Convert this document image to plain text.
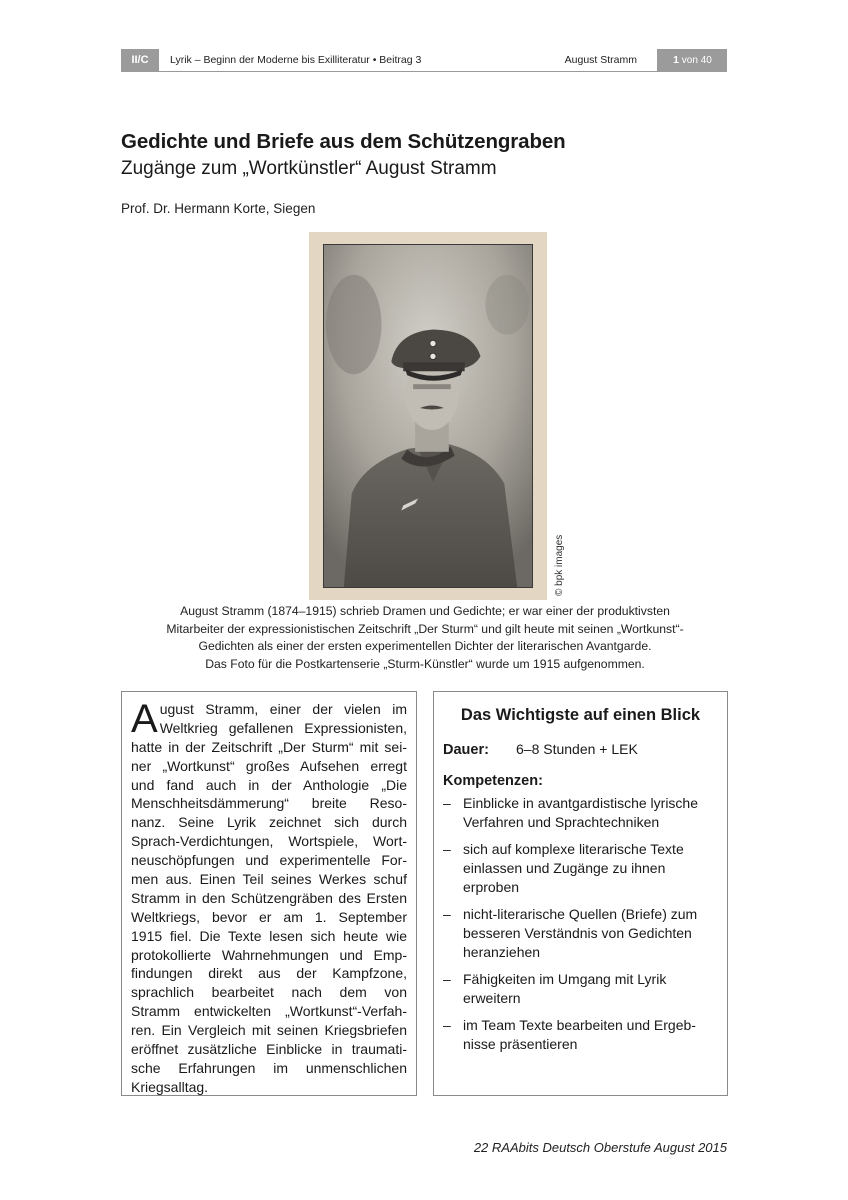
II/C	Lyrik – Beginn der Moderne bis Exilliteratur • Beitrag 3	August Stramm	1 von 40
Gedichte und Briefe aus dem Schützengraben
Zugänge zum „Wortkünstler“ August Stramm
Prof. Dr. Hermann Korte, Siegen
© bpk images
August Stramm (1874–1915) schrieb Dramen und Gedichte; er war einer der produktivsten
Mitarbeiter der expressionistischen Zeitschrift „Der Sturm“ und gilt heute mit seinen „Wortkunst“-
Gedichten als einer der ersten experimentellen Dichter der literarischen Avantgarde.
Das Foto für die Postkartenserie „Sturm-Künstler“ wurde um 1915 aufgenommen.

A ugust Stramm, einer der vielen im
Weltkrieg gefallenen Expressionisten,
hatte in der Zeitschrift „Der Sturm“ mit sei-
ner „Wortkunst“ großes Aufsehen erregt
und fand auch in der Anthologie „Die
Menschheitsdämmerung“ breite Reso-
nanz. Seine Lyrik zeichnet sich durch
Sprach-Verdichtungen, Wortspiele, Wort-
neuschöpfungen und experimentelle For-
men aus. Einen Teil seines Werkes schuf
Stramm in den Schützengräben des Ersten
Weltkriegs, bevor er am 1. September
1915 fiel. Die Texte lesen sich heute wie
protokollierte Wahrnehmungen und Emp-
findungen direkt aus der Kampfzone,
sprachlich bearbeitet nach dem von
Stramm entwickelten „Wortkunst“-Verfah-
ren. Ein Vergleich mit seinen Kriegsbriefen
eröffnet zusätzliche Einblicke in traumati-
sche Erfahrungen im unmenschlichen
Kriegsalltag.

Das Wichtigste auf einen Blick
Dauer: 6–8 Stunden + LEK
Kompetenzen:
– Einblicke in avantgardistische lyrische
Verfahren und Sprachtechniken
– sich auf komplexe literarische Texte
einlassen und Zugänge zu ihnen
erproben
– nicht-literarische Quellen (Briefe) zum
besseren Verständnis von Gedichten
heranziehen
– Fähigkeiten im Umgang mit Lyrik
erweitern
– im Team Texte bearbeiten und Ergeb-
nisse präsentieren
22 RAAbits Deutsch Oberstufe August 2015
